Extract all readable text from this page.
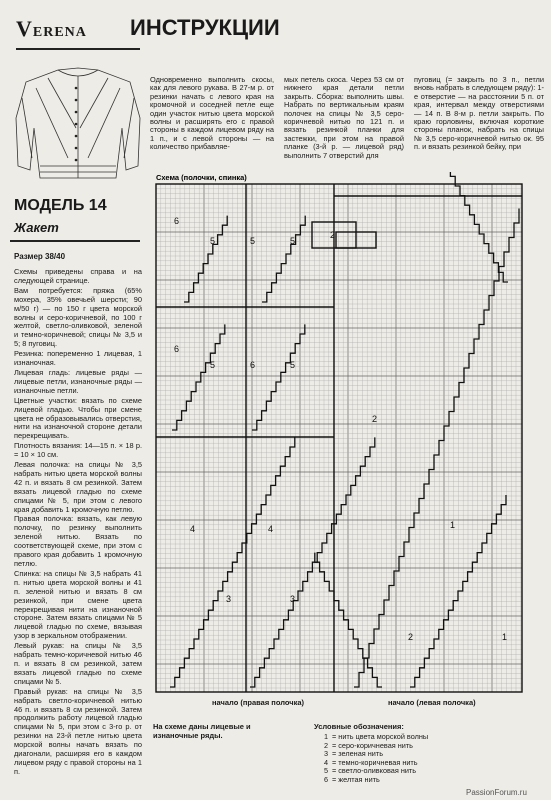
VERENA ИНСТРУКЦИИ
МОДЕЛЬ 14
Жакет
Размер 38/40

Схемы приведены справа и на следующей странице.

Вам потребуется: пряжа (65% мохера, 35% овечьей шерсти; 90 м/50 г) — по 150 г цвета морской волны и серо-коричневой, по 100 г желтой, светло-оливковой, зеленой и темно-коричневой; спицы № 3,5 и 5; 8 пуговиц.

Резинка: попеременно 1 лицевая, 1 изнаночная.

Лицевая гладь: лицевые ряды — лицевые петли, изнаночные ряды — изнаночные петли.

Цветные участки: вязать по схеме лицевой гладью. Чтобы при смене цвета не образовывались отверстия, нити на изнаночной стороне детали перекрещивать.

Плотность вязания: 14—15 п. × 18 р. = 10 × 10 см.

Левая полочка: на спицы № 3,5 набрать нитью цвета морской волны 42 п. и вязать 8 см резинкой. Затем вязать лицевой гладью по схеме спицами № 5, при этом с левого края добавить 1 кромочную петлю.

Правая полочка: вязать, как левую полочку, по резинку выполнить зеленой нитью. Вязать по соответствующей схеме, при этом с правого края добавить 1 кромочную петлю.

Спинка: на спицы № 3,5 набрать 41 п. нитью цвета морской волны и 41 п. зеленой нитью и вязать 8 см резинкой, при смене цвета перекрещивая нити на изнаночной стороне. Затем вязать спицами № 5 лицевой гладью по схеме, вязывая узор в зеркальном отображении.

Левый рукав: на спицы № 3,5 набрать темно-коричневой нитью 46 п. и вязать 8 см резинкой, затем вязать лицевой гладью по схеме спицами № 5.

Правый рукав: на спицы № 3,5 набрать светло-коричневой нитью 46 п. и вязать 8 см резинкой. Затем продолжить работу лицевой гладью спицами № 5, при этом с 3-го р. от резинки на 23-й петле нитью цвета морской волны начать вязать по диагонали, расширяя его в каждом лицевом ряду с правой стороны на 1 п.

Одновременно выполнить скосы, как для левого рукава. В 27-м р. от резинки начать с левого края на кромочной и соседней петле еще один участок нитью цвета морской волны и расширять его с правой стороны в каждом лицевом ряду на 1 п., и с левой стороны — на количество прибавляе-
мых петель скоса. Через 53 см от нижнего края детали петли закрыть. Сборка: выполнить швы. Набрать по вертикальным краям полочек на спицы № 3,5 серо-коричневой нитью по 121 п. и вязать резинкой планки для застежки, при этом на правой планке (3-й р. — лицевой ряд) выполнить 7 отверстий для
пуговиц (= закрыть по 3 п., петли вновь набрать в следующем ряду): 1-е отверстие — на расстоянии 5 п. от края, интервал между отверстиями — 14 п. В 8-м р. петли закрыть. По краю горловины, включая короткие стороны планок, набрать на спицы № 3,5 серо-коричневой нитью ок. 95 п. и вязать резинкой бейку, при
Схема (полочки, спинка)
6
5	5	5
6
5	5
6
2
4	4
3	3
1
2	1
2
начало (правая полочка)	начало (левая полочка)
На схеме даны лицевые и изнаночные ряды.
Условные обозначения:
1 = нить цвета морской волны
2 = серо-коричневая нить
3 = зеленая нить
4 = темно-коричневая нить
5 = светло-оливковая нить
6 = желтая нить
PassionForum.ru
